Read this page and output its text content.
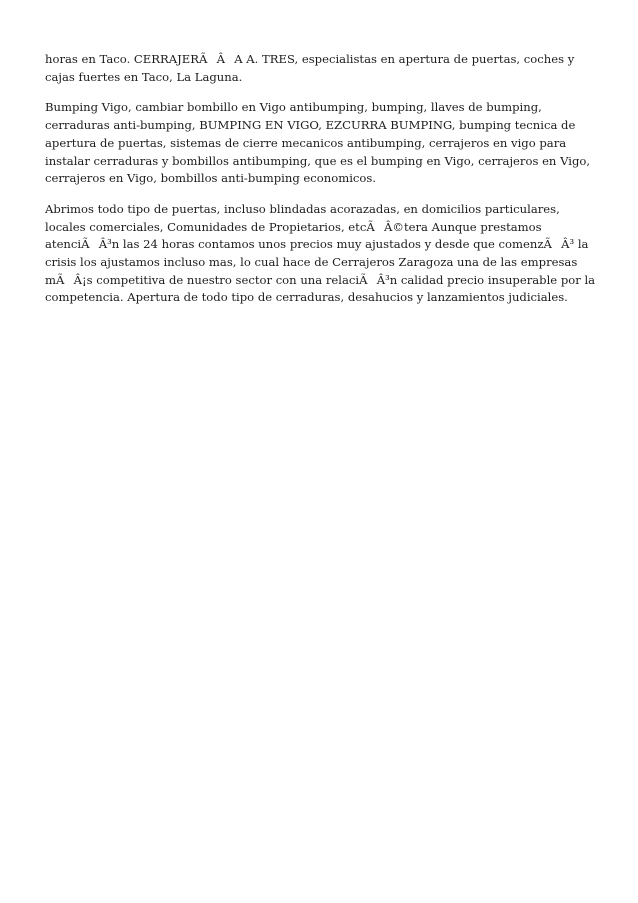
horas en Taco. CERRAJERÃÂA A. TRES, especialistas en apertura de puertas, coches y cajas fuertes en Taco, La Laguna.

Bumping Vigo, cambiar bombillo en Vigo antibumping, bumping, llaves de bumping, cerraduras anti-bumping, BUMPING EN VIGO, EZCURRA BUMPING, bumping tecnica de apertura de puertas, sistemas de cierre mecanicos antibumping, cerrajeros en vigo para instalar cerraduras y bombillos antibumping, que es el bumping en Vigo, cerrajeros en Vigo, cerrajeros en Vigo, bombillos anti-bumping economicos.

Abrimos todo tipo de puertas, incluso blindadas acorazadas, en domicilios particulares, locales comerciales, Comunidades de Propietarios, etcÃÂ©tera Aunque prestamos atenciÃÂ³n las 24 horas contamos unos precios muy ajustados y desde que comenzÃÂ³ la crisis los ajustamos incluso mas, lo cual hace de Cerrajeros Zaragoza una de las empresas mÃÂ¡s competitiva de nuestro sector con una relaciÃÂ³n calidad precio insuperable por la competencia. Apertura de todo tipo de cerraduras, desahucios y lanzamientos judiciales.
